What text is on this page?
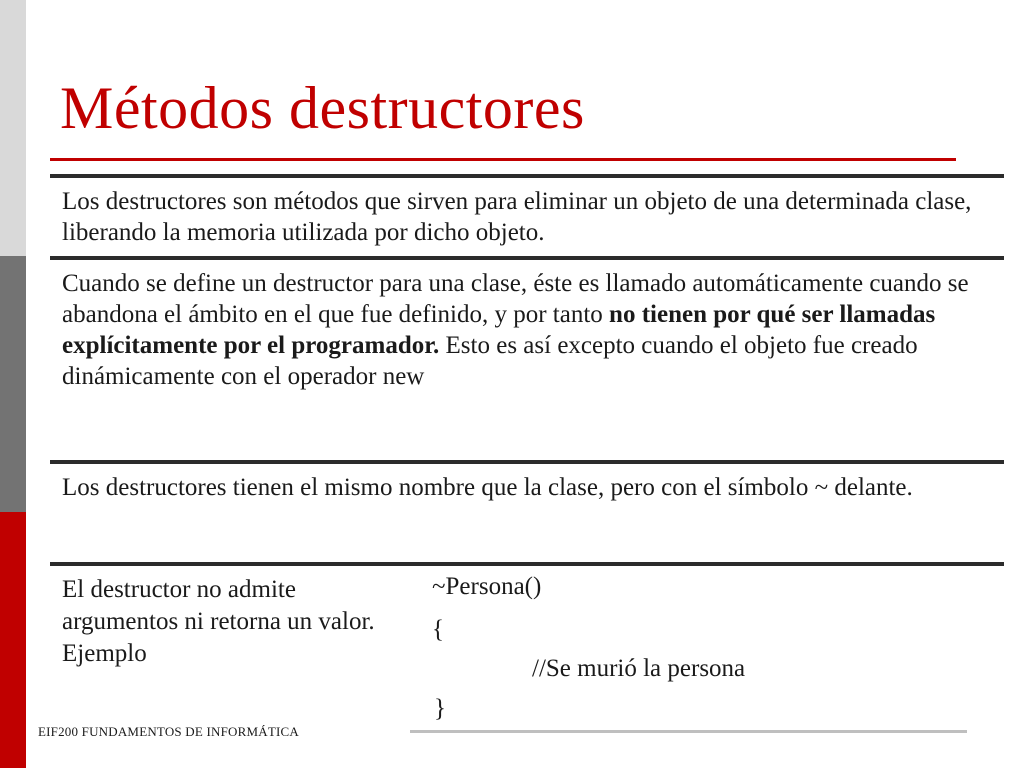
Métodos destructores

Los destructores son métodos que sirven para eliminar un objeto de una determinada clase, liberando la memoria utilizada por dicho objeto.

Cuando se define un destructor para una clase, éste es llamado automáticamente cuando se abandona el ámbito en el que fue definido, y por tanto no tienen por qué ser llamadas explícitamente por el programador. Esto es así excepto cuando el objeto fue creado dinámicamente con el operador new

Los destructores tienen el mismo nombre que la clase, pero con el símbolo ~ delante.

El destructor no admite argumentos ni retorna un valor. Ejemplo

~Persona()
{
//Se murió la persona
}
EIF200 FUNDAMENTOS DE INFORMÁTICA
